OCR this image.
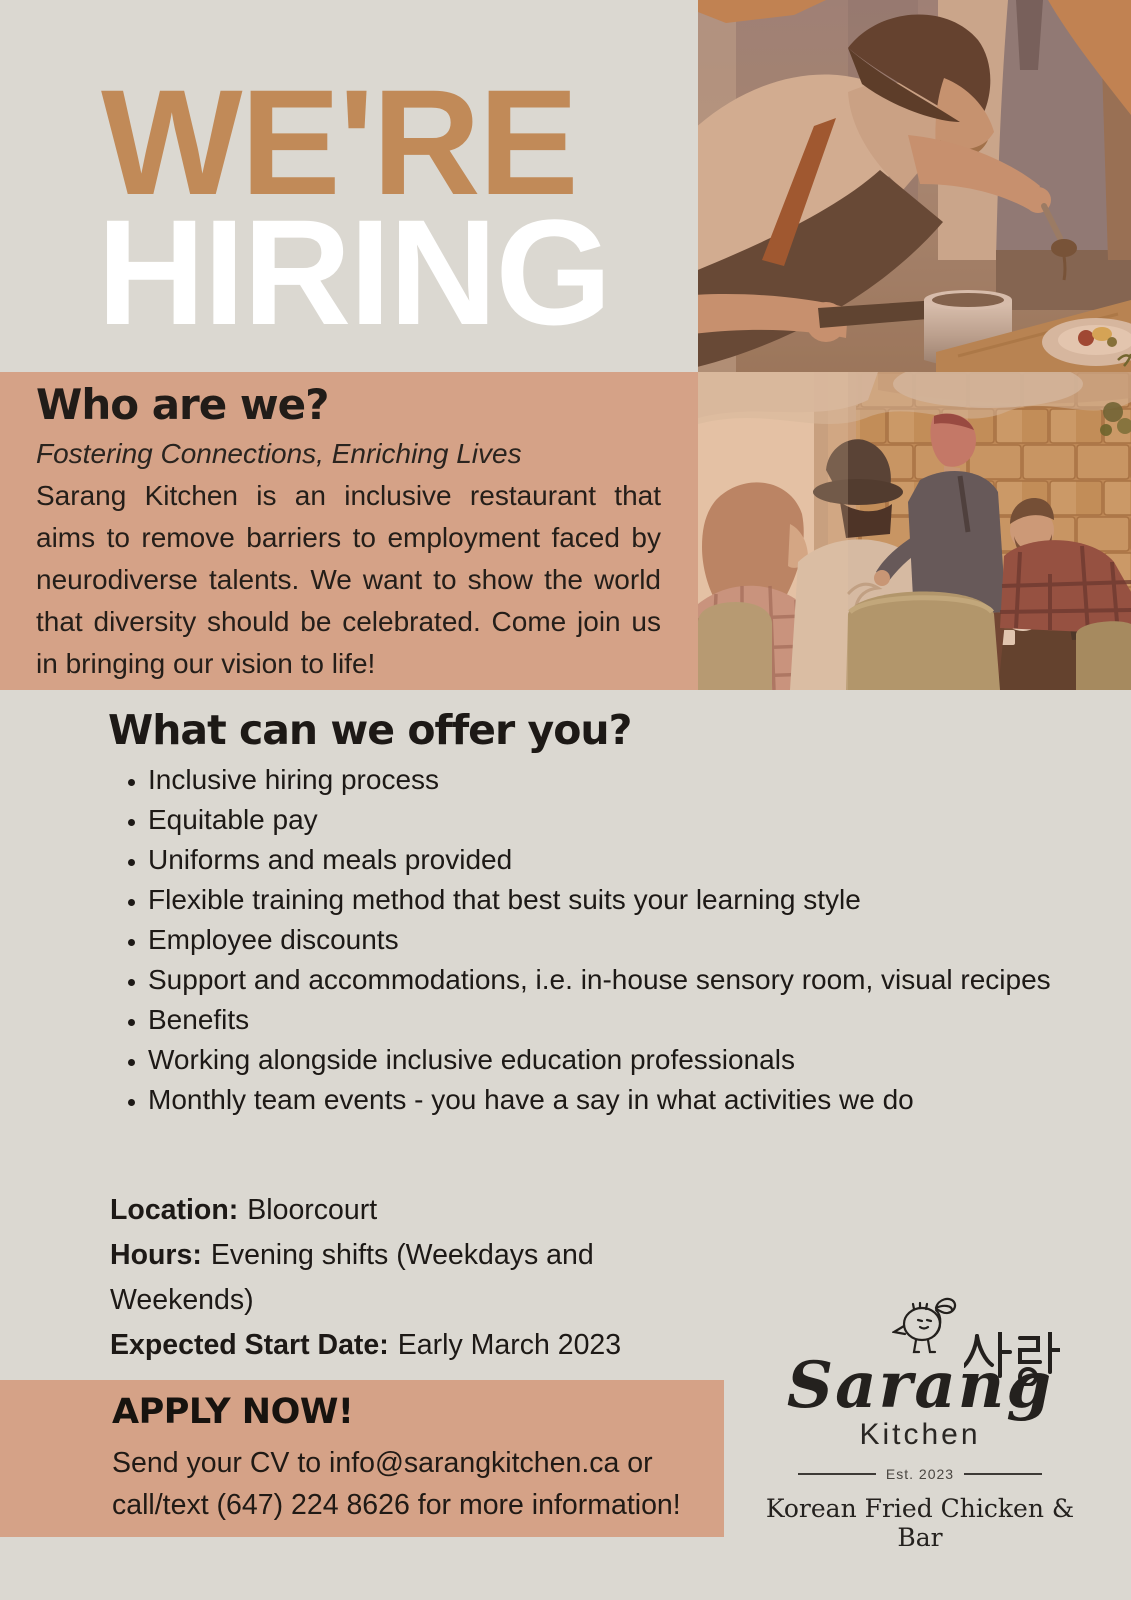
WE'RE
HIRING
Who are we?

Fostering Connections, Enriching Lives

Sarang Kitchen is an inclusive restaurant that aims to remove barriers to employment faced by neurodiverse talents. We want to show the world that diversity should be celebrated. Come join us in bringing our vision to life!

What can we offer you?
• Inclusive hiring process
• Equitable pay
• Uniforms and meals provided
• Flexible training method that best suits your learning style
• Employee discounts
• Support and accommodations, i.e. in-house sensory room, visual recipes
• Benefits
• Working alongside inclusive education professionals
• Monthly team events - you have a say in what activities we do
Location: Bloorcourt
Hours: Evening shifts (Weekdays and Weekends)
Expected Start Date: Early March 2023
APPLY NOW!

Send your CV to info@sarangkitchen.ca or call/text (647) 224 8626 for more information!

Sarang
Kitchen
Est. 2023
Korean Fried Chicken & Bar
